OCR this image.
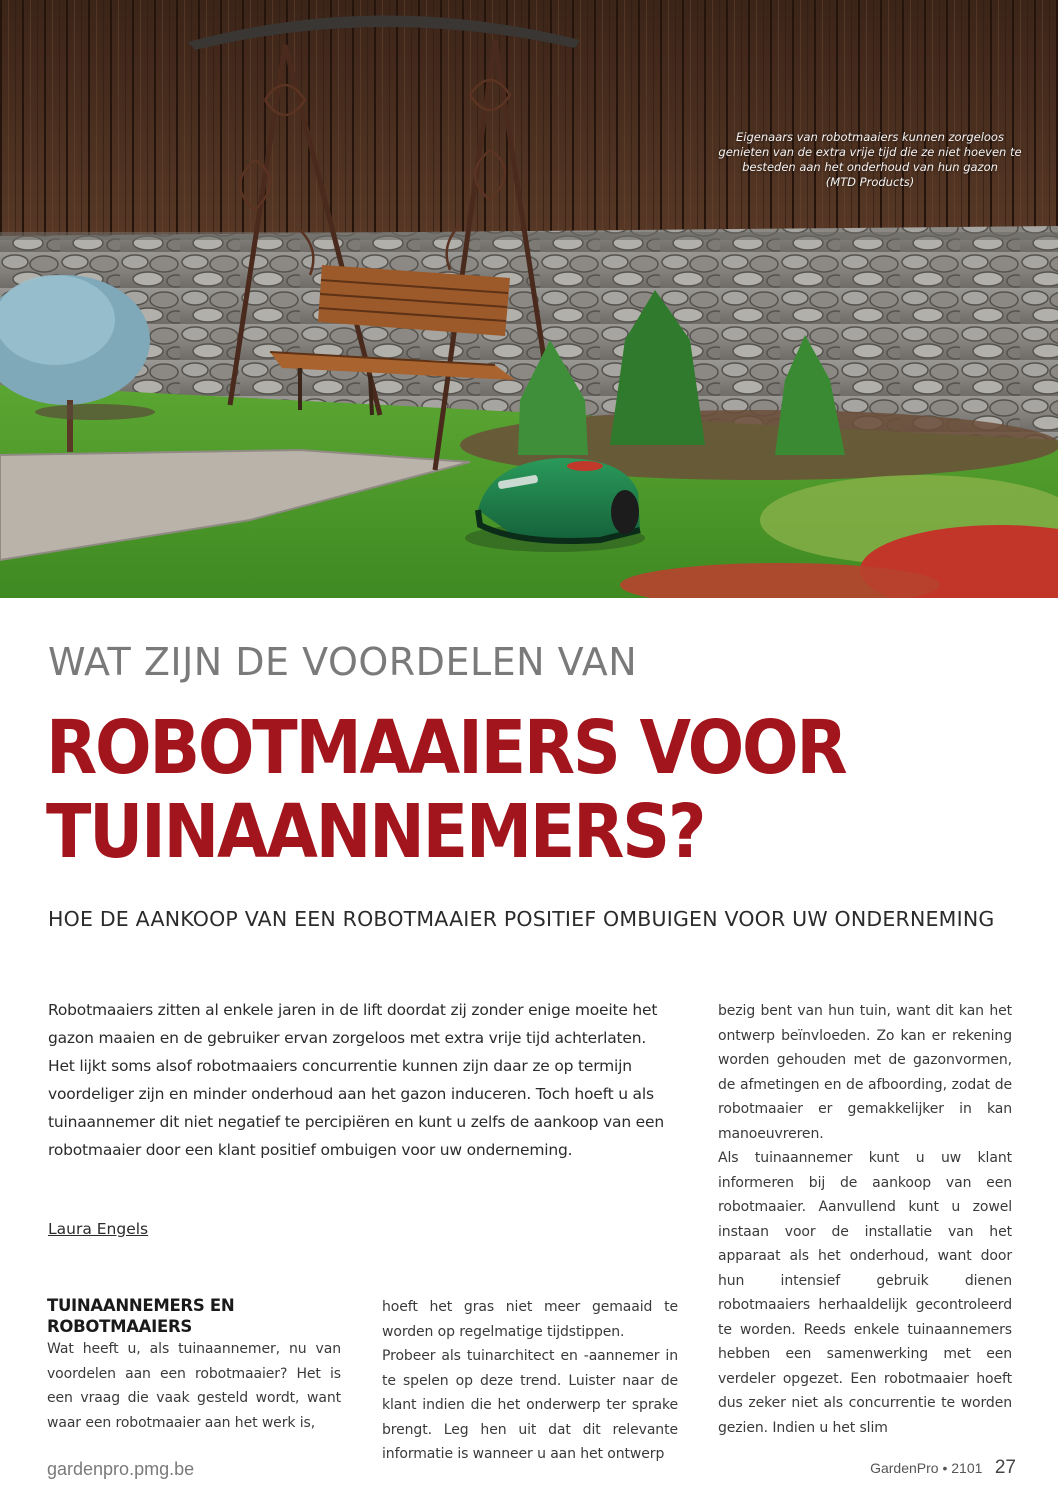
Eigenaars van robotmaaiers kunnen zorgeloos genieten van de extra vrije tijd die ze niet hoeven te besteden aan het onderhoud van hun gazon
(MTD Products)
WAT ZIJN DE VOORDELEN VAN
ROBOTMAAIERS VOOR
TUINAANNEMERS?
HOE DE AANKOOP VAN EEN ROBOTMAAIER POSITIEF OMBUIGEN VOOR UW ONDERNEMING

Robotmaaiers zitten al enkele jaren in de lift doordat zij zonder enige moeite het gazon maaien en de gebruiker ervan zorgeloos met extra vrije tijd achterlaten. Het lijkt soms alsof robotmaaiers concurrentie kunnen zijn daar ze op termijn voordeliger zijn en minder onderhoud aan het gazon induceren. Toch hoeft u als tuinaannemer dit niet negatief te percipiëren en kunt u zelfs de aankoop van een robotmaaier door een klant positief ombuigen voor uw onderneming.

Laura Engels

TUINAANNEMERS EN ROBOTMAAIERS

Wat heeft u, als tuinaannemer, nu van voordelen aan een robotmaaier? Het is een vraag die vaak gesteld wordt, want waar een robotmaaier aan het werk is,

hoeft het gras niet meer gemaaid te worden op regelmatige tijdstippen.

Probeer als tuinarchitect en -aannemer in te spelen op deze trend. Luister naar de klant indien die het onderwerp ter sprake brengt. Leg hen uit dat dit relevante informatie is wanneer u aan het ontwerp

bezig bent van hun tuin, want dit kan het ontwerp beïnvloeden. Zo kan er rekening worden gehouden met de gazonvormen, de afmetingen en de afboording, zodat de robotmaaier er gemakkelijker in kan manoeuvreren.

Als tuinaannemer kunt u uw klant informeren bij de aankoop van een robotmaaier. Aanvullend kunt u zowel instaan voor de installatie van het apparaat als het onderhoud, want door hun intensief gebruik dienen robotmaaiers herhaaldelijk gecontroleerd te worden. Reeds enkele tuinaannemers hebben een samenwerking met een verdeler opgezet. Een robotmaaier hoeft dus zeker niet als concurrentie te worden gezien. Indien u het slim

gardenpro.pmg.be	GardenPro • 2101 27
